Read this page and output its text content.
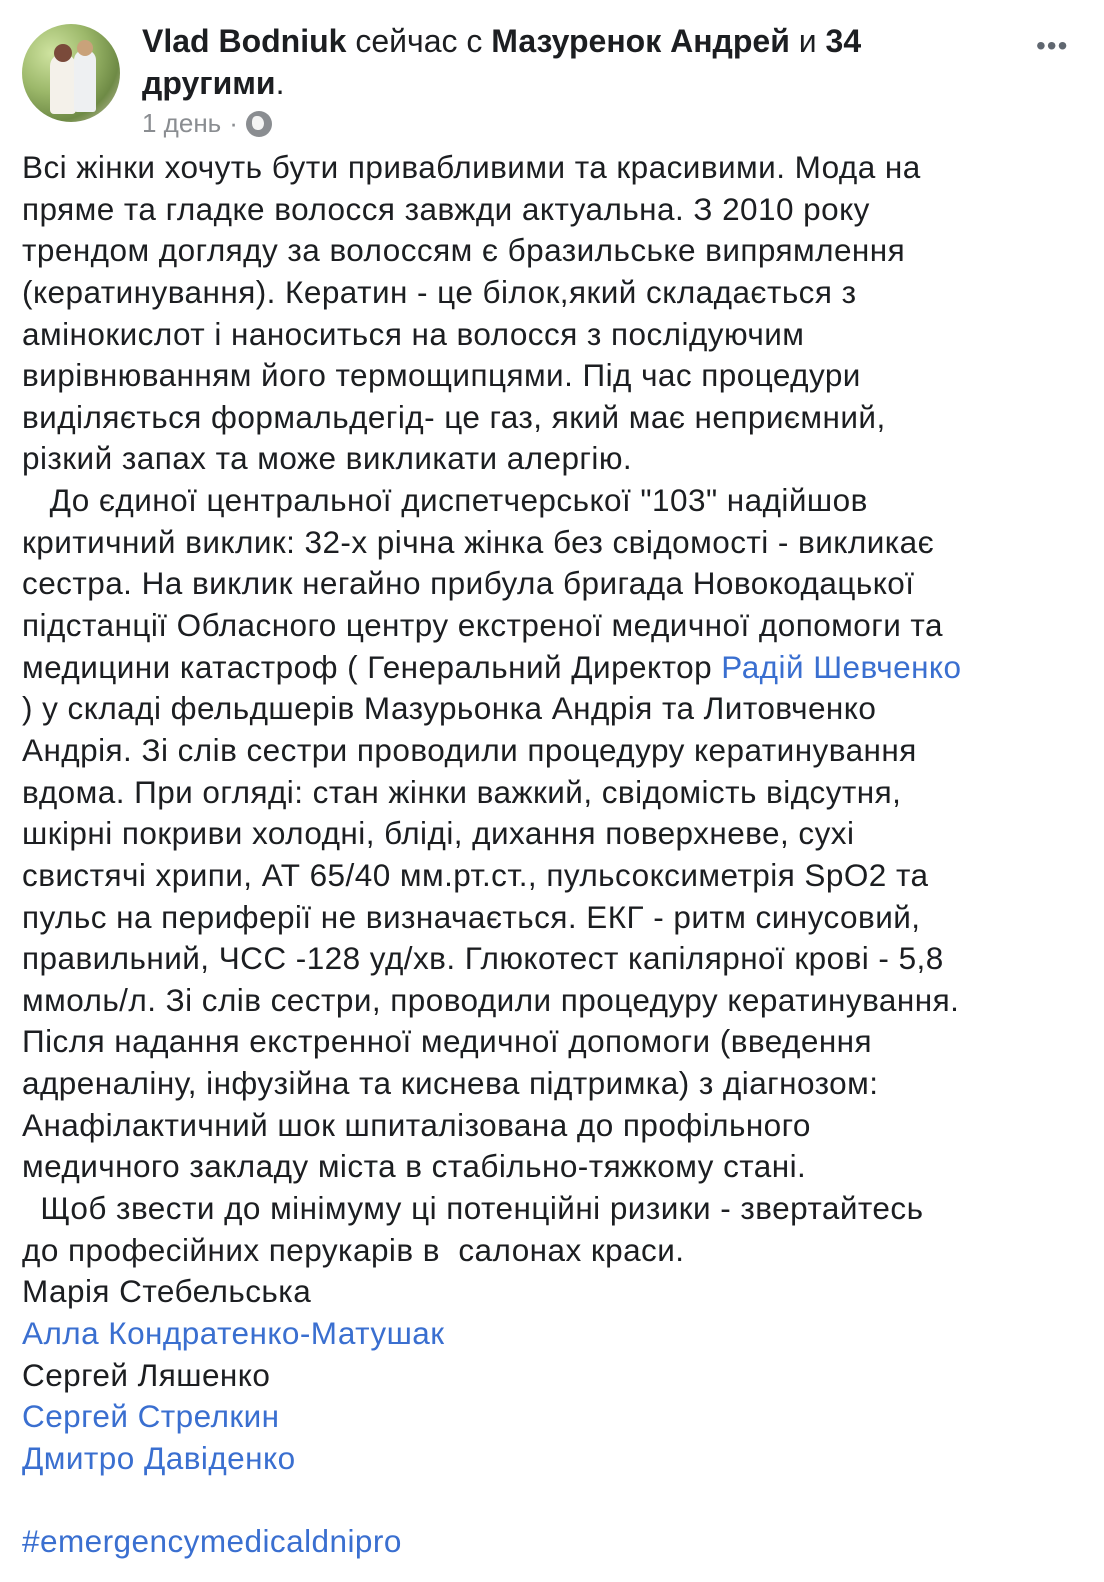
Vlad Bodniuk сейчас с Мазуренок Андрей и 34 другими.
1 день ·
•••
Всі жінки хочуть бути привабливими та красивими. Мода на
пряме та гладке волосся завжди актуальна. З 2010 року
трендом догляду за волоссям є бразильське випрямлення
(кератинування). Кератин - це білок,який складається з
амінокислот і наноситься на волосся з послідуючим
вирівнюванням його термощипцями. Під час процедури
виділяється формальдегід- це газ, який має неприємний,
різкий запах та може викликати алергію.
До єдиної центральної диспетчерської "103" надійшов
критичний виклик: 32-х річна жінка без свідомості - викликає
сестра. На виклик негайно прибула бригада Новокодацької
підстанції Обласного центру екстреної медичної допомоги та
медицини катастроф ( Генеральний Директор Радій Шевченко
) у складі фельдшерів Мазурьонка Андрія та Литовченко
Андрія. Зі слів сестри проводили процедуру кератинування
вдома. При огляді: стан жінки важкий, свідомість відсутня,
шкірні покриви холодні, бліді, дихання поверхневе, сухі
свистячі хрипи, АТ 65/40 мм.рт.ст., пульсоксиметрія SpO2 та
пульс на периферії не визначається. ЕКГ - ритм синусовий,
правильний, ЧСС -128 уд/хв. Глюкотест капілярної крові - 5,8
ммоль/л. Зі слів сестри, проводили процедуру кератинування.
Після надання екстренної медичної допомоги (введення
адреналіну, інфузійна та киснева підтримка) з діагнозом:
Анафілактичний шок шпиталізована до профільного
медичного закладу міста в стабільно-тяжкому стані.
Щоб звести до мінімуму ці потенційні ризики - звертайтесь
до професійних перукарів в  салонах краси.
Марія Стебельська
Алла Кондратенко-Матушак
Сергей Ляшенко
Сергей Стрелкин
Дмитро Давіденко
#emergencymedicaldnipro
